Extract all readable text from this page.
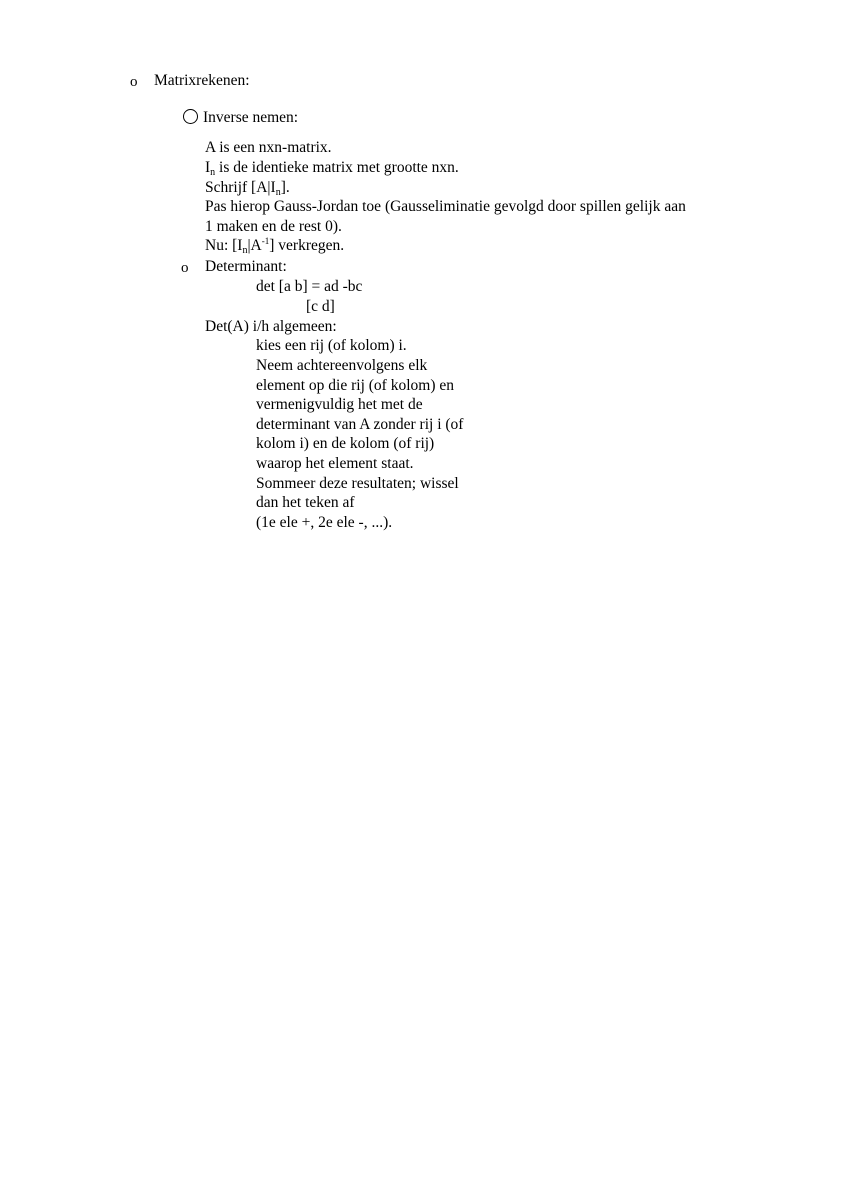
o Matrixrekenen:
Inverse nemen:
A is een nxn-matrix.
$I_n$ is de identieke matrix met grootte nxn.
Schrijf $[A|I_n]$.
Pas hierop Gauss-Jordan toe (Gausseliminatie gevolgd door spillen gelijk aan
1 maken en de rest 0).
Nu: $[I_n|A^{-1}]$ verkregen.
o Determinant:
det [a b] = ad -bc
[c d]
Det(A) i/h algemeen:
kies een rij (of kolom) i.
Neem achtereenvolgens elk
element op die rij (of kolom) en
vermenigvuldig het met de
determinant van A zonder rij i (of
kolom i) en de kolom (of rij)
waarop het element staat.
Sommeer deze resultaten; wissel
dan het teken af
(1e ele +, 2e ele -, ...).
